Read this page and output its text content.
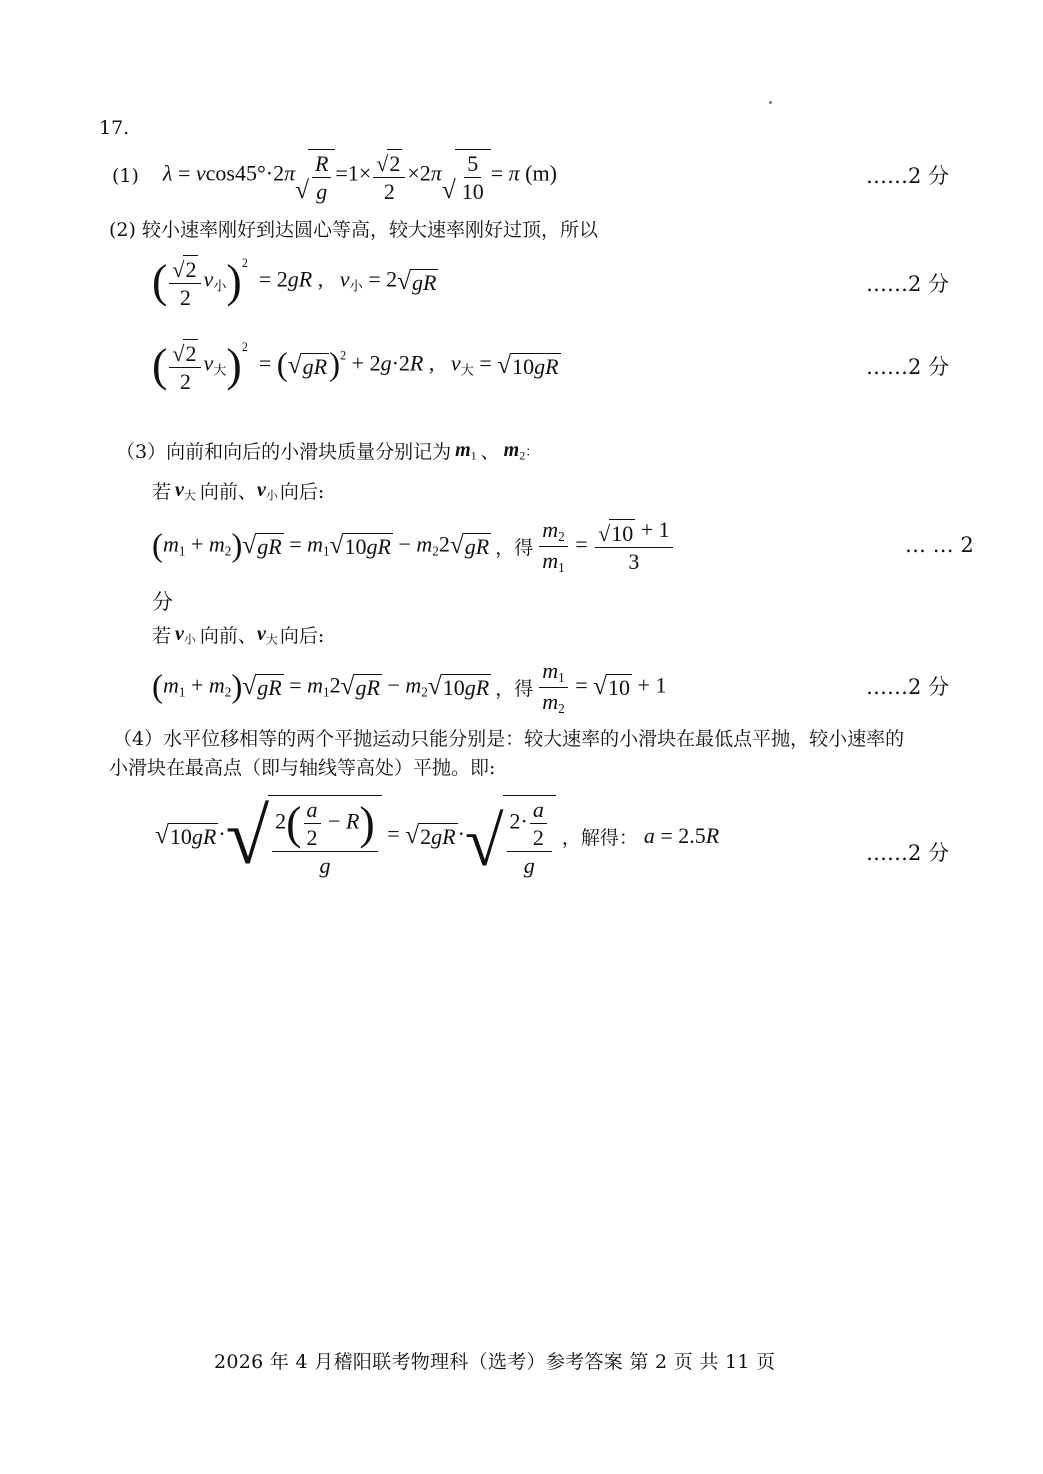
17.
(1) λ = vcos45°·2π
√ $\frac{R}{g} =1\times \frac{√ 2}{2} \times 2\pi$
√ $\frac{5}{10} = \pi$ (m)	……2 分
(2) 较小速率刚好到达圆心等高，较大速率刚好过顶，所以
( $\frac{√ 2}{2} v_小)^2 = 2gR$ ,   $v_小 = 2$ √ gR	……2 分
( $\frac{√ 2}{2} v_大)^2$  = ( √ gR )$^2$ + 2g·2R ,   $v_大$ = √ 10 gR	……2 分
（3）向前和向后的小滑块质量分别记为 $m_1$ 、 $m_2$ ：
若 $v_大$ 向前、 $v_小$ 向后:
$(m_1 + m_2)$ √ gR = $m_1$ √ 10 gR − $m_22$ √ gR ，得 $\frac{m_2}{m_1} = \frac{√ 10 + 1}{3}$	… … 2
分
若 $v_小$ 向前、 $v_大$ 向后:
$(m_1 + m_2)$ √ gR = $m_12$ √ gR − $m_2$ √ 10 gR ，得 $\frac{m_1}{m_2}$ = √ 10 + 1	……2 分
（4）水平位移相等的两个平抛运动只能分别是：较大速率的小滑块在最低点平抛，较小速率的
小滑块在最高点（即与轴线等高处）平抛。即:
√ 10 gR · √ $\frac{2( \frac{a}{2} - R)}{g}$ = √ 2 gR · √ $\frac{2\cdot \frac{a}{2}}{g}$ ，解得： a = 2.5R
……2 分
2026 年 4 月稽阳联考物理科（选考）参考答案 第 2 页 共 11 页
